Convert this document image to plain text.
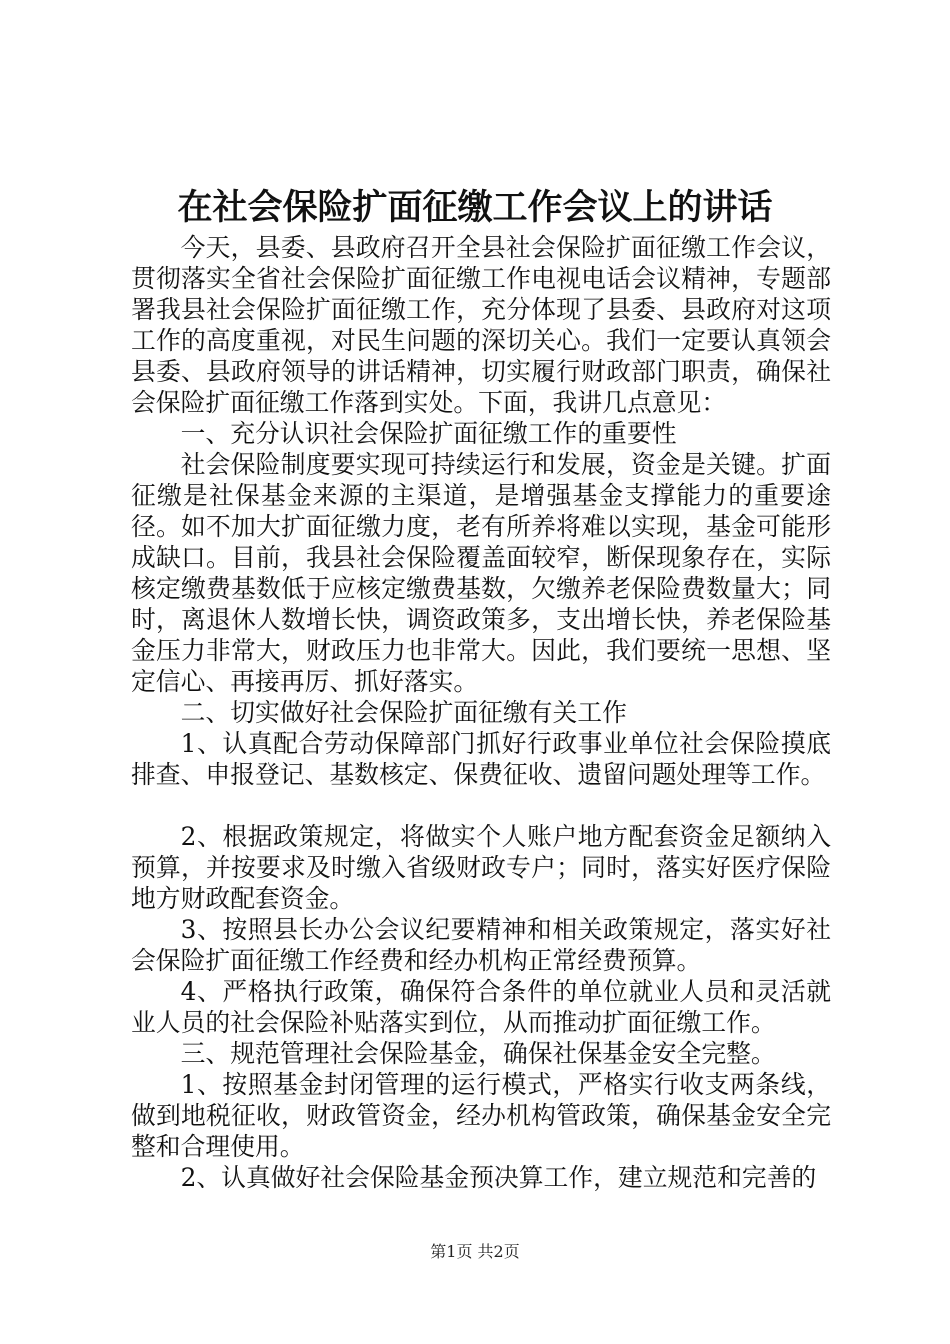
在社会保险扩面征缴工作会议上的讲话

今天，县委、县政府召开全县社会保险扩面征缴工作会议，贯彻落实全省社会保险扩面征缴工作电视电话会议精神，专题部署我县社会保险扩面征缴工作，充分体现了县委、县政府对这项工作的高度重视，对民生问题的深切关心。我们一定要认真领会县委、县政府领导的讲话精神，切实履行财政部门职责，确保社会保险扩面征缴工作落到实处。下面，我讲几点意见：

一、充分认识社会保险扩面征缴工作的重要性

社会保险制度要实现可持续运行和发展，资金是关键。扩面征缴是社保基金来源的主渠道，是增强基金支撑能力的重要途径。如不加大扩面征缴力度，老有所养将难以实现，基金可能形成缺口。目前，我县社会保险覆盖面较窄，断保现象存在，实际核定缴费基数低于应核定缴费基数，欠缴养老保险费数量大；同时，离退休人数增长快，调资政策多，支出增长快，养老保险基金压力非常大，财政压力也非常大。因此，我们要统一思想、坚定信心、再接再厉、抓好落实。

二、切实做好社会保险扩面征缴有关工作

1、认真配合劳动保障部门抓好行政事业单位社会保险摸底排查、申报登记、基数核定、保费征收、遗留问题处理等工作。

2、根据政策规定，将做实个人账户地方配套资金足额纳入预算，并按要求及时缴入省级财政专户；同时，落实好医疗保险地方财政配套资金。

3、按照县长办公会议纪要精神和相关政策规定，落实好社会保险扩面征缴工作经费和经办机构正常经费预算。

4、严格执行政策，确保符合条件的单位就业人员和灵活就业人员的社会保险补贴落实到位，从而推动扩面征缴工作。

三、规范管理社会保险基金，确保社保基金安全完整。

1、按照基金封闭管理的运行模式，严格实行收支两条线，做到地税征收，财政管资金，经办机构管政策，确保基金安全完整和合理使用。

2、认真做好社会保险基金预决算工作，建立规范和完善的

第1页 共2页
